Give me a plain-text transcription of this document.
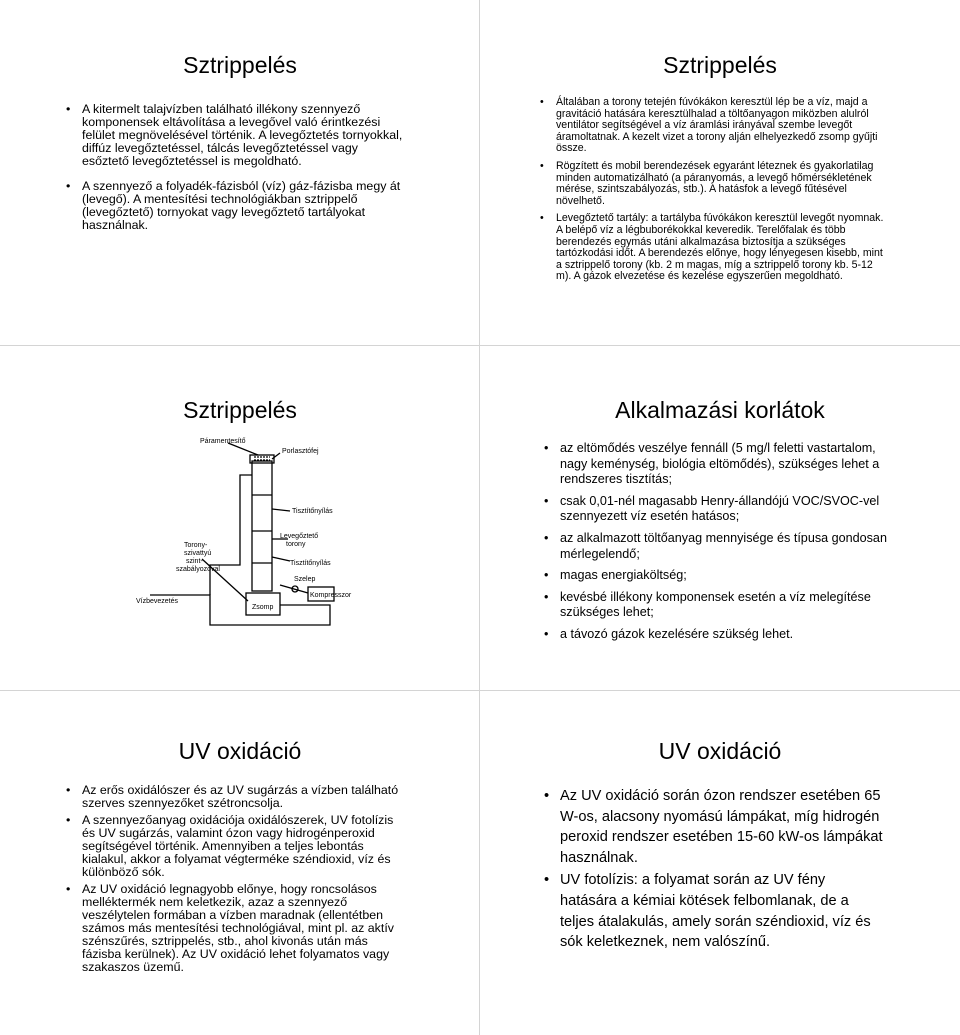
Sztrippelés
• A kitermelt talajvízben található illékony szennyező komponensek eltávolítása a levegővel való érintkezési felület megnövelésével történik. A levegőztetés tornyokkal, diffúz levegőztetéssel, tálcás levegőztetéssel vagy esőztető levegőztetéssel is megoldható.
• A szennyező a folyadék-fázisból (víz) gáz-fázisba megy át (levegő). A mentesítési technológiákban sztrippelő (levegőztető) tornyokat vagy levegőztető tartályokat használnak.
Sztrippelés
• Általában a torony tetején fúvókákon keresztül lép be a víz, majd a gravitáció hatására keresztülhalad a töltőanyagon miközben alulról ventilátor segítségével a víz áramlási irányával szembe levegőt áramoltatnak. A kezelt vizet a torony alján elhelyezkedő zsomp gyűjti össze.
• Rögzített és mobil berendezések egyaránt léteznek és gyakorlatilag minden automatizálható (a páranyomás, a levegő hőmérsékletének mérése, szintszabályozás, stb.). A hatásfok a levegő fűtésével növelhető.
• Levegőztető tartály: a tartályba fúvókákon keresztül levegőt nyomnak. A belépő víz a légbuborékokkal keveredik. Terelőfalak és több berendezés egymás utáni alkalmazása biztosítja a szükséges tartózkodási időt. A berendezés előnye, hogy lényegesen kisebb, mint a sztrippelő torony (kb. 2 m magas, míg a sztrippelő torony kb. 5-12 m). A gázok elvezetése és kezelése egyszerűen megoldható.
Sztrippelés
Páramentesítő
Porlasztófej
Tisztítőnyílás
Levegőztető
torony
Tisztítőnyílás
Torony-
szivattyú
szint-
szabályozóval
Vízbevezetés
Szelep
Kompresszor
Zsomp
Alkalmazási korlátok
• az eltömődés veszélye fennáll (5 mg/l feletti vastartalom, nagy keménység, biológia eltömődés), szükséges lehet a rendszeres tisztítás;
• csak 0,01-nél magasabb Henry-állandójú VOC/SVOC-vel szennyezett víz esetén hatásos;
• az alkalmazott töltőanyag mennyisége és típusa gondosan mérlegelendő;
• magas energiaköltség;
• kevésbé illékony komponensek esetén a víz melegítése szükséges lehet;
• a távozó gázok kezelésére szükség lehet.
UV oxidáció
• Az erős oxidálószer és az UV sugárzás a vízben található szerves szennyezőket szétroncsolja.
• A szennyezőanyag oxidációja oxidálószerek, UV fotolízis és UV sugárzás, valamint ózon vagy hidrogénperoxid segítségével történik. Amennyiben a teljes lebontás kialakul, akkor a folyamat végterméke széndioxid, víz és különböző sók.
• Az UV oxidáció legnagyobb előnye, hogy roncsolásos melléktermék nem keletkezik, azaz a szennyező veszélytelen formában a vízben maradnak (ellentétben számos más mentesítési technológiával, mint pl. az aktív szénszűrés, sztrippelés, stb., ahol kivonás után más fázisba kerülnek). Az UV oxidáció lehet folyamatos vagy szakaszos üzemű.
UV oxidáció
• Az UV oxidáció során ózon rendszer esetében 65 W-os, alacsony nyomású lámpákat, míg hidrogén peroxid rendszer esetében 15-60 kW-os lámpákat használnak.
• UV fotolízis: a folyamat során az UV fény hatására a kémiai kötések felbomlanak, de a teljes átalakulás, amely során széndioxid, víz és sók keletkeznek, nem valószínű.
